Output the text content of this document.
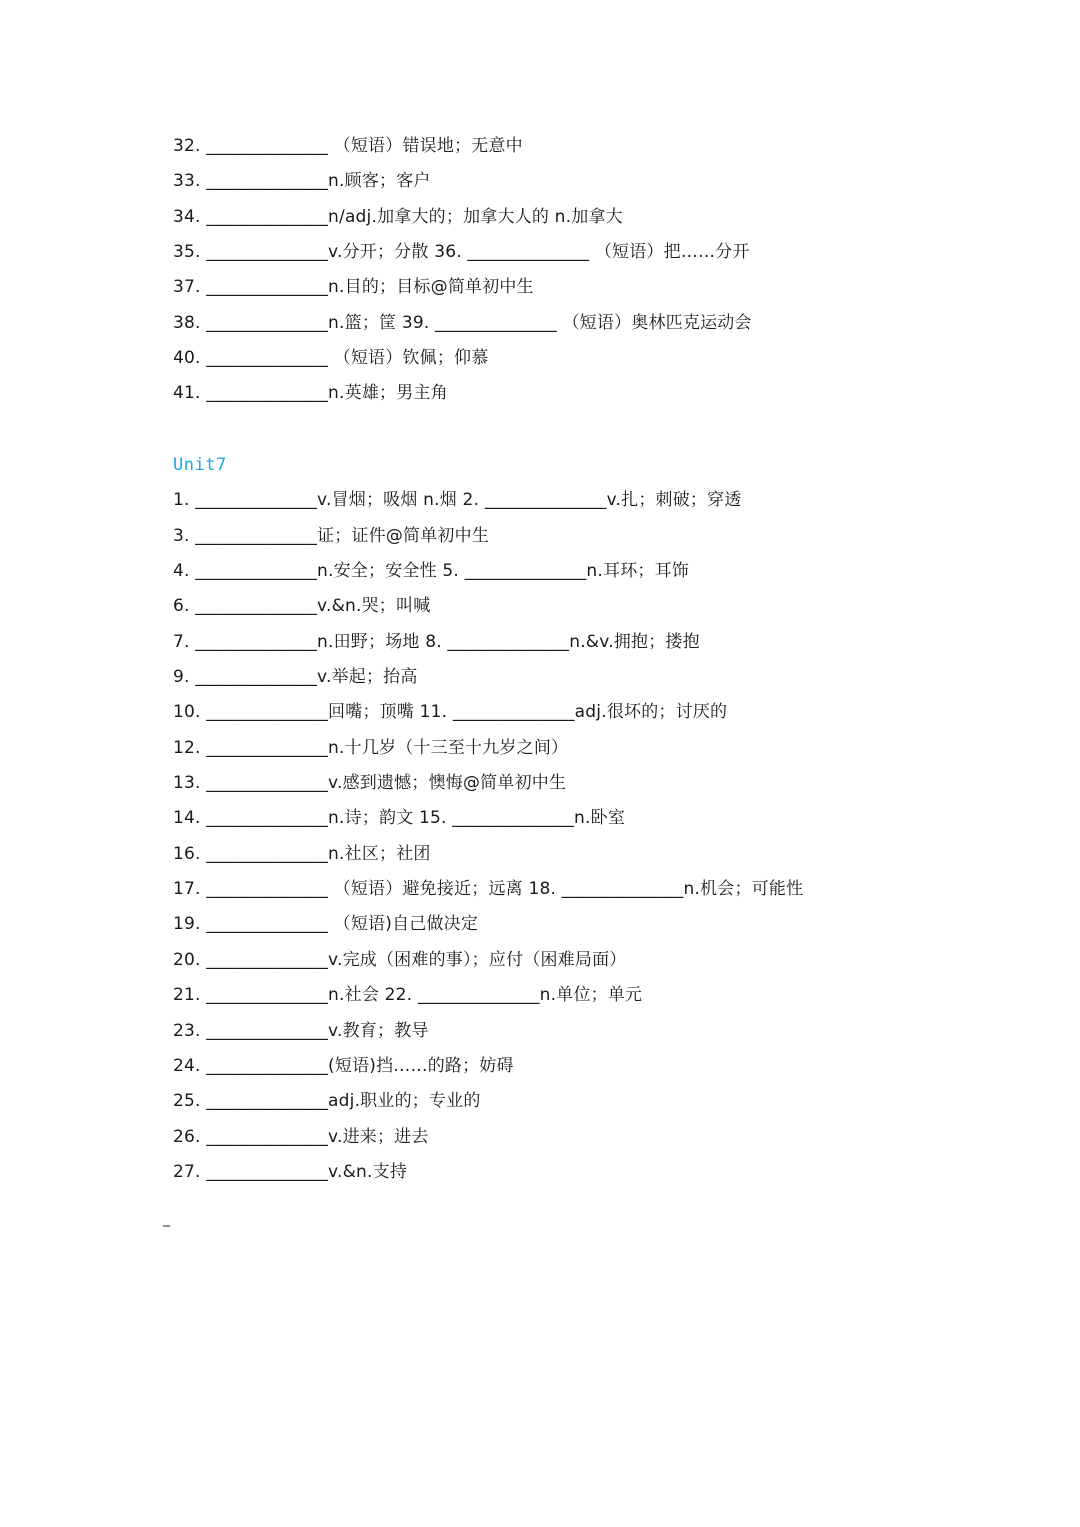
32. ______________ （短语）错误地；无意中
33. ______________n.顾客；客户
34. ______________n/adj.加拿大的；加拿大人的 n.加拿大
35. ______________v.分开；分散 36. ______________ （短语）把……分开
37. ______________n.目的；目标@简单初中生
38. ______________n.篮；筐 39. ______________ （短语）奥林匹克运动会
40. ______________ （短语）钦佩；仰慕
41. ______________n.英雄；男主角
Unit7
1. ______________v.冒烟；吸烟 n.烟 2. ______________v.扎；刺破；穿透
3. ______________证；证件@简单初中生
4. ______________n.安全；安全性 5. ______________n.耳环；耳饰
6. ______________v.&n.哭；叫喊
7. ______________n.田野；场地 8. ______________n.&v.拥抱；搂抱
9. ______________v.举起；抬高
10. ______________回嘴；顶嘴 11. ______________adj.很坏的；讨厌的
12. ______________n.十几岁（十三至十九岁之间）
13. ______________v.感到遗憾；懊悔@简单初中生
14. ______________n.诗；韵文 15. ______________n.卧室
16. ______________n.社区；社团
17. ______________ （短语）避免接近；远离 18. ______________n.机会；可能性
19. ______________ （短语)自己做决定
20. ______________v.完成（困难的事）；应付（困难局面）
21. ______________n.社会 22. ______________n.单位；单元
23. ______________v.教育；教导
24. ______________(短语)挡……的路；妨碍
25. ______________adj.职业的；专业的
26. ______________v.进来；进去
27. ______________v.&n.支持
_
